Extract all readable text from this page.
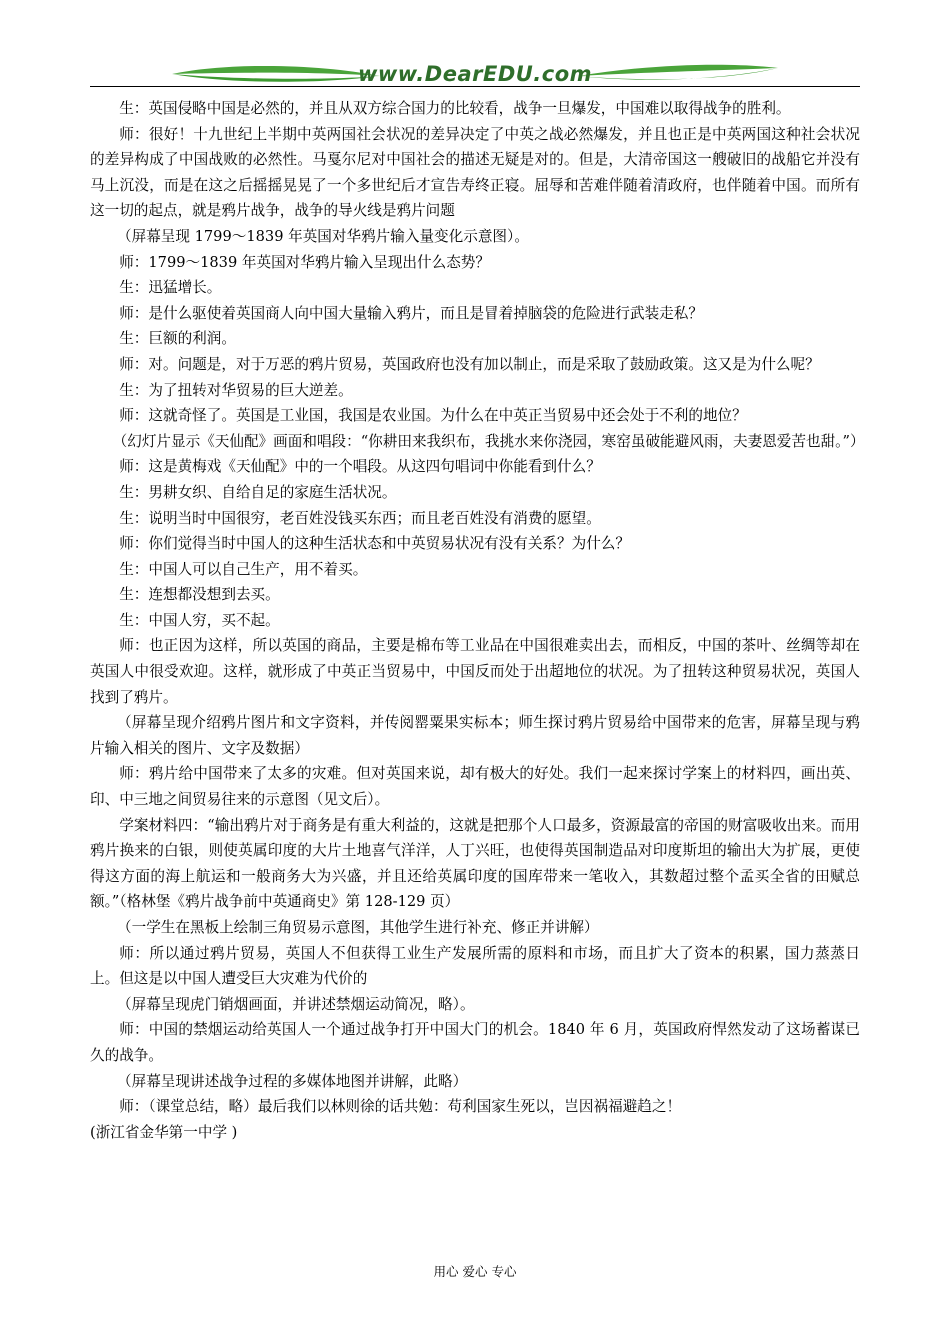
www.DearEDU.com

生：英国侵略中国是必然的，并且从双方综合国力的比较看，战争一旦爆发，中国难以取得战争的胜利。

师：很好！十九世纪上半期中英两国社会状况的差异决定了中英之战必然爆发，并且也正是中英两国这种社会状况的差异构成了中国战败的必然性。马戛尔尼对中国社会的描述无疑是对的。但是，大清帝国这一艘破旧的战船它并没有马上沉没，而是在这之后摇摇晃晃了一个多世纪后才宣告寿终正寝。屈辱和苦难伴随着清政府，也伴随着中国。而所有这一切的起点，就是鸦片战争，战争的导火线是鸦片问题

（屏幕呈现 1799～1839 年英国对华鸦片输入量变化示意图）。

师：1799～1839 年英国对华鸦片输入呈现出什么态势？

生：迅猛增长。

师：是什么驱使着英国商人向中国大量输入鸦片，而且是冒着掉脑袋的危险进行武装走私？

生：巨额的利润。

师：对。问题是，对于万恶的鸦片贸易，英国政府也没有加以制止，而是采取了鼓励政策。这又是为什么呢？

生：为了扭转对华贸易的巨大逆差。

师：这就奇怪了。英国是工业国，我国是农业国。为什么在中英正当贸易中还会处于不利的地位？

（幻灯片显示《天仙配》画面和唱段：“你耕田来我织布，我挑水来你浇园，寒窑虽破能避风雨，夫妻恩爱苦也甜。”）

师：这是黄梅戏《天仙配》中的一个唱段。从这四句唱词中你能看到什么？

生：男耕女织、自给自足的家庭生活状况。

生：说明当时中国很穷，老百姓没钱买东西；而且老百姓没有消费的愿望。

师：你们觉得当时中国人的这种生活状态和中英贸易状况有没有关系？为什么？

生：中国人可以自己生产，用不着买。

生：连想都没想到去买。

生：中国人穷，买不起。

师：也正因为这样，所以英国的商品，主要是棉布等工业品在中国很难卖出去，而相反，中国的茶叶、丝绸等却在英国人中很受欢迎。这样，就形成了中英正当贸易中，中国反而处于出超地位的状况。为了扭转这种贸易状况，英国人找到了鸦片。

（屏幕呈现介绍鸦片图片和文字资料，并传阅罂粟果实标本；师生探讨鸦片贸易给中国带来的危害，屏幕呈现与鸦片输入相关的图片、文字及数据）

师：鸦片给中国带来了太多的灾难。但对英国来说，却有极大的好处。我们一起来探讨学案上的材料四，画出英、印、中三地之间贸易往来的示意图（见文后）。

学案材料四：“输出鸦片对于商务是有重大利益的，这就是把那个人口最多，资源最富的帝国的财富吸收出来。而用鸦片换来的白银，则使英属印度的大片土地喜气洋洋，人丁兴旺，也使得英国制造品对印度斯坦的输出大为扩展，更使得这方面的海上航运和一般商务大为兴盛，并且还给英属印度的国库带来一笔收入，其数超过整个孟买全省的田赋总额。”（格林堡《鸦片战争前中英通商史》第 128-129 页）

（一学生在黑板上绘制三角贸易示意图，其他学生进行补充、修正并讲解）

师：所以通过鸦片贸易，英国人不但获得工业生产发展所需的原料和市场，而且扩大了资本的积累，国力蒸蒸日上。但这是以中国人遭受巨大灾难为代价的

（屏幕呈现虎门销烟画面，并讲述禁烟运动简况，略）。

师：中国的禁烟运动给英国人一个通过战争打开中国大门的机会。1840 年 6 月，英国政府悍然发动了这场蓄谋已久的战争。

（屏幕呈现讲述战争过程的多媒体地图并讲解，此略）

师：（课堂总结，略）最后我们以林则徐的话共勉：苟利国家生死以，岂因祸福避趋之！

(浙江省金华第一中学 )

用心 爱心 专心
